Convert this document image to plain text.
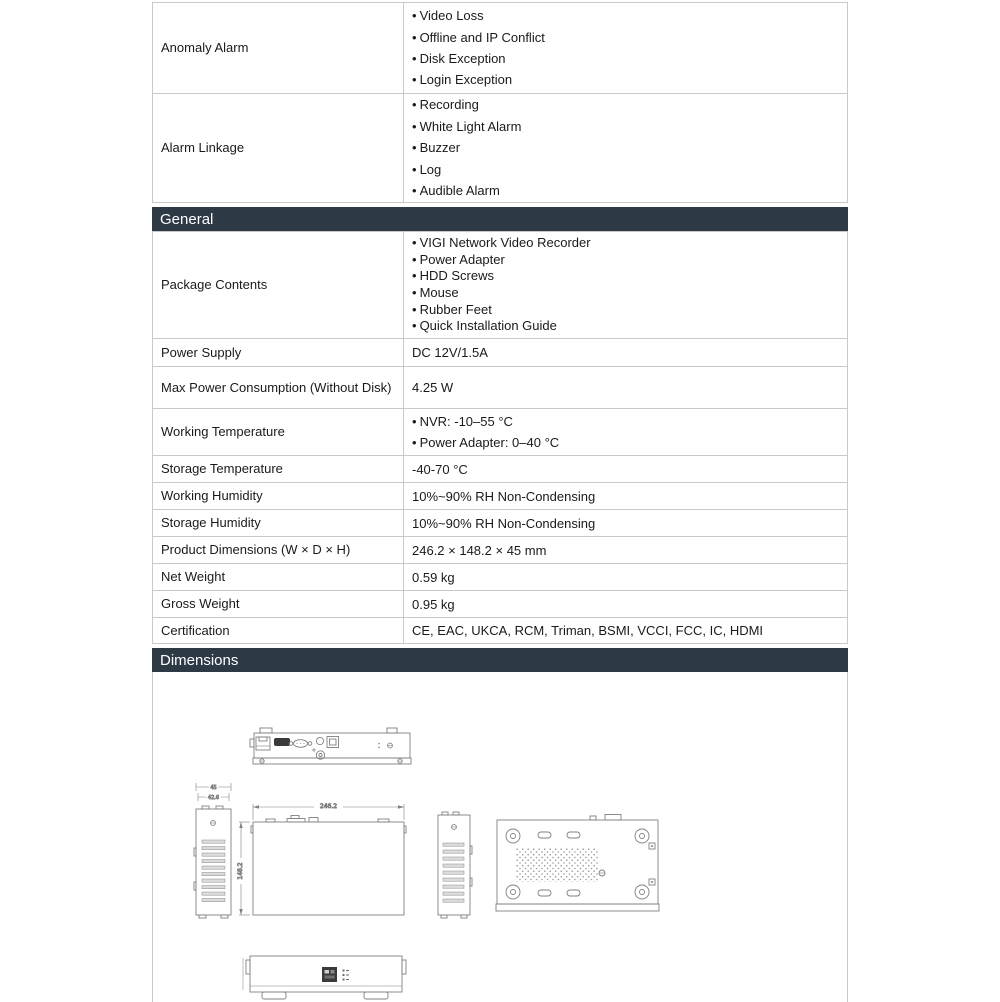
Anomaly Alarm
• Video Loss
• Offline and IP Conflict
• Disk Exception
• Login Exception
Alarm Linkage
• Recording
• White Light Alarm
• Buzzer
• Log
• Audible Alarm
General
Package Contents
• VIGI Network Video Recorder
• Power Adapter
• HDD Screws
• Mouse
• Rubber Feet
• Quick Installation Guide
Power Supply	DC 12V/1.5A
Max Power Consumption (Without Disk)	4.25 W
Working Temperature
• NVR: -10–55 °C
• Power Adapter: 0–40 °C
Storage Temperature	-40-70 °C
Working Humidity	10%~90% RH Non-Condensing
Storage Humidity	10%~90% RH Non-Condensing
Product Dimensions (W × D × H)	246.2 × 148.2 × 45 mm
Net Weight	0.59 kg
Gross Weight	0.95 kg
Certification	CE, EAC, UKCA, RCM, Triman, BSMI, VCCI, FCC, IC, HDMI
Dimensions
45
42.6
246.2
148.2
